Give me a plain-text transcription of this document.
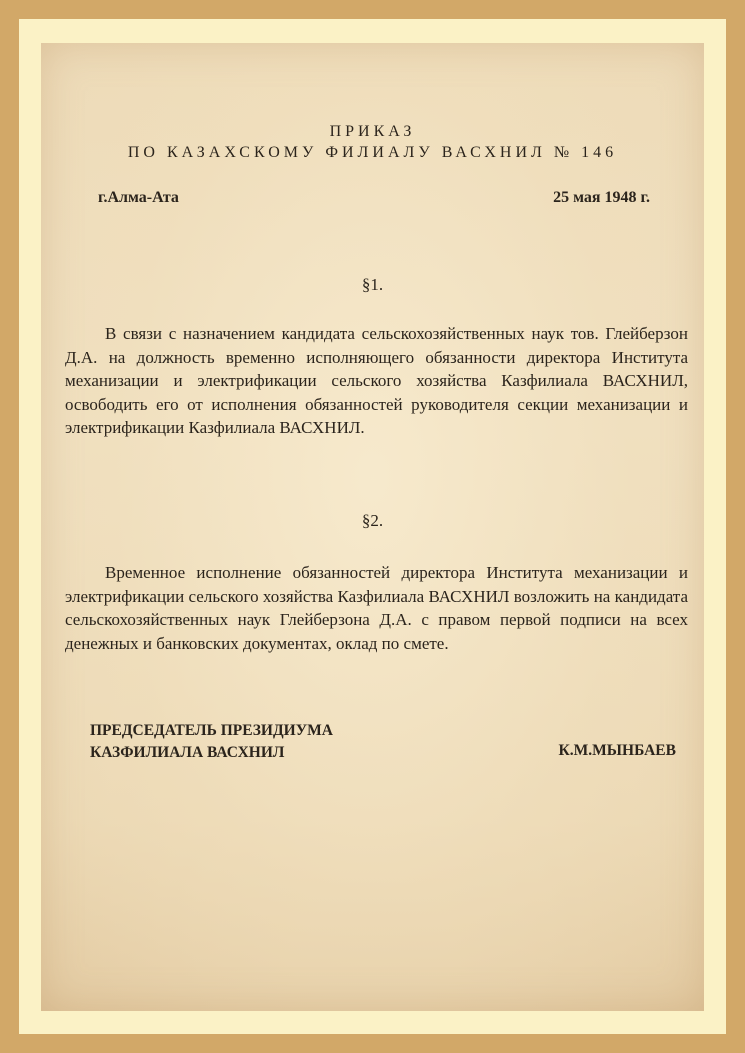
ПРИКАЗ
ПО КАЗАХСКОМУ ФИЛИАЛУ ВАСХНИЛ № 146
г.Алма-Ата	25 мая 1948 г.
§1.

В связи с назначением кандидата сельскохозяйственных наук тов. Глейберзон Д.А. на должность временно исполняющего обязанности директора Института механизации и электрификации сельского хозяйства Казфилиала ВАСХНИЛ, освободить его от исполнения обязанностей руководителя секции механизации и электрификации Казфилиала ВАСХНИЛ.

§2.

Временное исполнение обязанностей директора Института механизации и электрификации сельского хозяйства Казфилиала ВАСХНИЛ возложить на кандидата сельскохозяйственных наук Глейберзона Д.А. с правом первой подписи на всех денежных и банковских документах, оклад по смете.

ПРЕДСЕДАТЕЛЬ ПРЕЗИДИУМА
КАЗФИЛИАЛА ВАСХНИЛ	К.М.МЫНБАЕВ
